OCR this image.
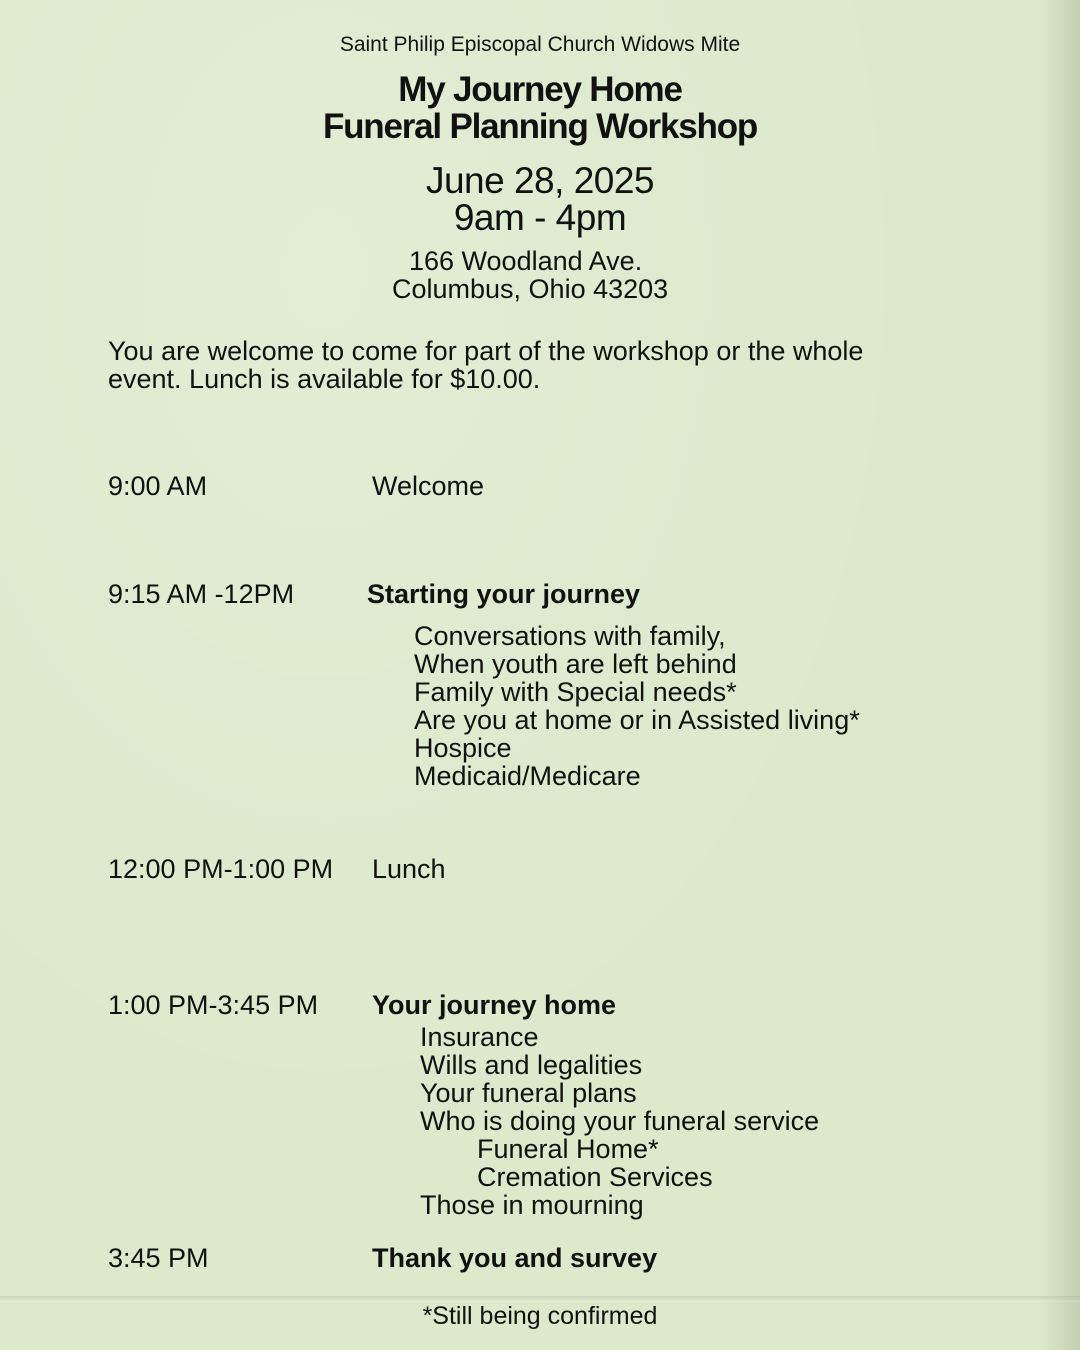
Saint Philip Episcopal Church Widows Mite
My Journey Home
Funeral Planning Workshop
June 28, 2025
9am - 4pm
166 Woodland Ave.
Columbus, Ohio 43203
You are welcome to come for part of the workshop or the whole
event. Lunch is available for $10.00.
9:00 AM	Welcome
9:15 AM -12PM	Starting your journey
Conversations with family,
When youth are left behind
Family with Special needs*
Are you at home or in Assisted living*
Hospice
Medicaid/Medicare
12:00 PM-1:00 PM Lunch
1:00 PM-3:45 PM Your journey home
Insurance
Wills and legalities
Your funeral plans
Who is doing your funeral service
Funeral Home*
Cremation Services
Those in mourning
3:45 PM	Thank you and survey
*Still being confirmed
